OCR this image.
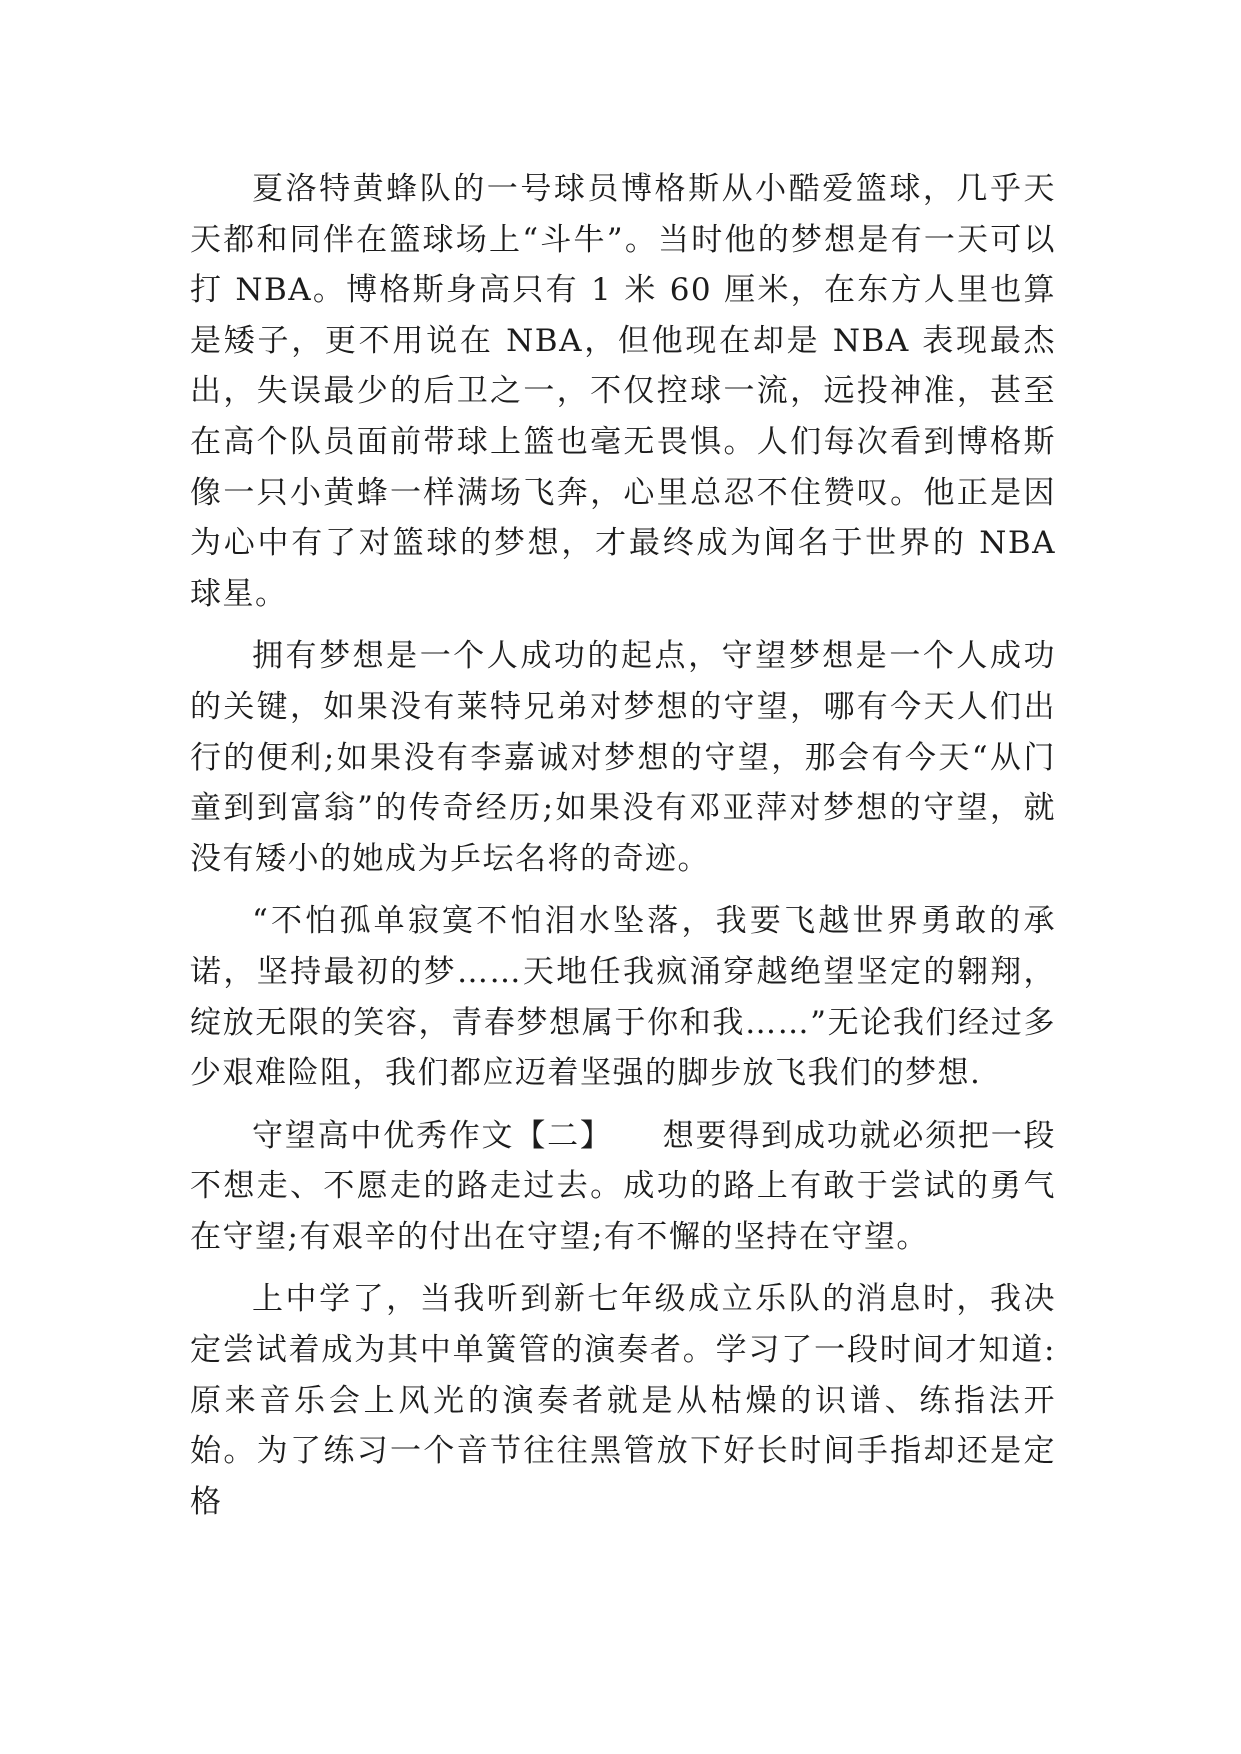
夏洛特黄蜂队的一号球员博格斯从小酷爱篮球，几乎天天都和同伴在篮球场上“斗牛”。当时他的梦想是有一天可以打 NBA。博格斯身高只有 1 米 60 厘米，在东方人里也算是矮子，更不用说在 NBA，但他现在却是 NBA 表现最杰出，失误最少的后卫之一，不仅控球一流，远投神准，甚至在高个队员面前带球上篮也毫无畏惧。人们每次看到博格斯像一只小黄蜂一样满场飞奔，心里总忍不住赞叹。他正是因为心中有了对篮球的梦想，才最终成为闻名于世界的 NBA 球星。

拥有梦想是一个人成功的起点，守望梦想是一个人成功的关键，如果没有莱特兄弟对梦想的守望，哪有今天人们出行的便利;如果没有李嘉诚对梦想的守望，那会有今天“从门童到到富翁”的传奇经历;如果没有邓亚萍对梦想的守望，就没有矮小的她成为乒坛名将的奇迹。

“不怕孤单寂寞不怕泪水坠落，我要飞越世界勇敢的承诺，坚持最初的梦……天地任我疯涌穿越绝望坚定的翱翔，绽放无限的笑容，青春梦想属于你和我……”无论我们经过多少艰难险阻，我们都应迈着坚强的脚步放飞我们的梦想.

守望高中优秀作文【二】　　想要得到成功就必须把一段不想走、不愿走的路走过去。成功的路上有敢于尝试的勇气在守望;有艰辛的付出在守望;有不懈的坚持在守望。

上中学了，当我听到新七年级成立乐队的消息时，我决定尝试着成为其中单簧管的演奏者。学习了一段时间才知道:原来音乐会上风光的演奏者就是从枯燥的识谱、练指法开始。为了练习一个音节往往黑管放下好长时间手指却还是定格
